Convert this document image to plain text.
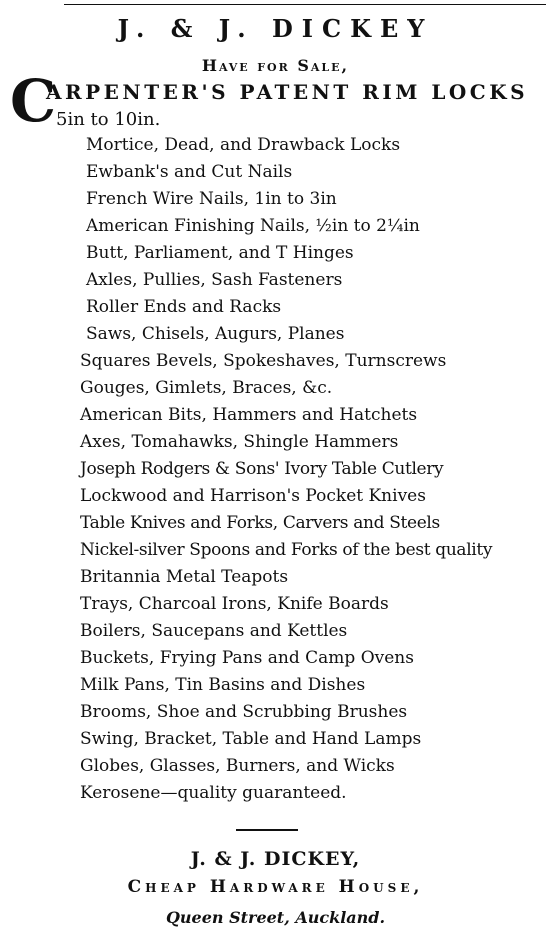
J. & J. DICKEY
Have for Sale,
C
ARPENTER'S PATENT RIM LOCKS
5in to 10in.
Mortice, Dead, and Drawback Locks
Ewbank's and Cut Nails
French Wire Nails, 1in to 3in
American Finishing Nails, ½in to 2¼in
Butt, Parliament, and T Hinges
Axles, Pullies, Sash Fasteners
Roller Ends and Racks
Saws, Chisels, Augurs, Planes
Squares Bevels, Spokeshaves, Turnscrews
Gouges, Gimlets, Braces, &c.
American Bits, Hammers and Hatchets
Axes, Tomahawks, Shingle Hammers
Joseph Rodgers & Sons' Ivory Table Cutlery
Lockwood and Harrison's Pocket Knives
Table Knives and Forks, Carvers and Steels
Nickel-silver Spoons and Forks of the best quality
Britannia Metal Teapots
Trays, Charcoal Irons, Knife Boards
Boilers, Saucepans and Kettles
Buckets, Frying Pans and Camp Ovens
Milk Pans, Tin Basins and Dishes
Brooms, Shoe and Scrubbing Brushes
Swing, Bracket, Table and Hand Lamps
Globes, Glasses, Burners, and Wicks
Kerosene—quality guaranteed.
J. & J. DICKEY,
Cheap Hardware House,
Queen Street, Auckland.
